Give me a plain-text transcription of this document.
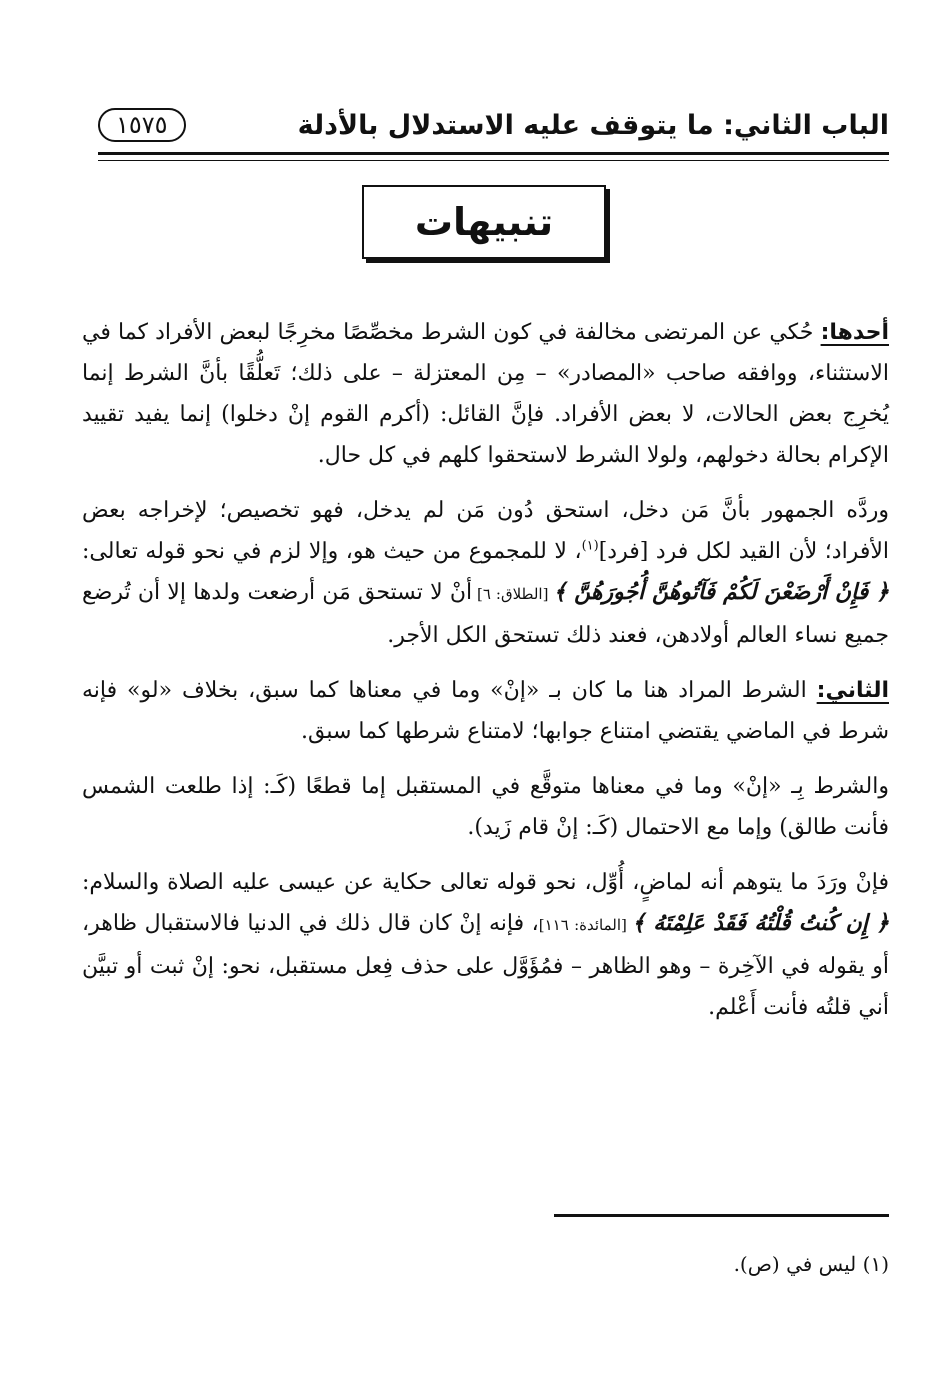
الباب الثاني: ما يتوقف عليه الاستدلال بالأدلة
١٥٧٥
تنبيهات

أحدها: حُكي عن المرتضى مخالفة في كون الشرط مخصِّصًا مخرِجًا لبعض الأفراد كما في الاستثناء، ووافقه صاحب «المصادر» – مِن المعتزلة – على ذلك؛ تَعلُّقًا بأنَّ الشرط إنما يُخرِج بعض الحالات، لا بعض الأفراد. فإنَّ القائل: (أكرم القوم إنْ دخلوا) إنما يفيد تقييد الإكرام بحالة دخولهم، ولولا الشرط لاستحقوا كلهم في كل حال.

وردَّه الجمهور بأنَّ مَن دخل، استحق دُون مَن لم يدخل، فهو تخصيص؛ لإخراجه بعض الأفراد؛ لأن القيد لكل فرد [فرد]$^{(١)}$، لا للمجموع من حيث هو، وإلا لزم في نحو قوله تعالى: ﴿ فَإِنْ أَرْضَعْنَ لَكُمْ فَآتُوهُنَّ أُجُورَهُنَّ ﴾ [الطلاق: ٦] أنْ لا تستحق مَن أرضعت ولدها إلا أن تُرضع جميع نساء العالم أولادهن، فعند ذلك تستحق الكل الأجر.

الثاني: الشرط المراد هنا ما كان بـ «إنْ» وما في معناها كما سبق، بخلاف «لو» فإنه شرط في الماضي يقتضي امتناع جوابها؛ لامتناع شرطها كما سبق.

والشرط بِـ «إنْ» وما في معناها متوقَّع في المستقبل إما قطعًا (كَـ: إذا طلعت الشمس فأنت طالق) وإما مع الاحتمال (كَـ: إنْ قام زَيد).

فإنْ ورَدَ ما يتوهم أنه لماضٍ، أُوِّل، نحو قوله تعالى حكاية عن عيسى عليه الصلاة والسلام: ﴿ إِن كُنتُ قُلْتُهُ فَقَدْ عَلِمْتَهُ ﴾ [المائدة: ١١٦]، فإنه إنْ كان قال ذلك في الدنيا فالاستقبال ظاهر، أو يقوله في الآخِرة – وهو الظاهر – فمُؤَوَّل على حذف فِعل مستقبل، نحو: إنْ ثبت أو تبيَّن أني قلتُه فأنت أَعْلم.

(١) ليس في (ص).
